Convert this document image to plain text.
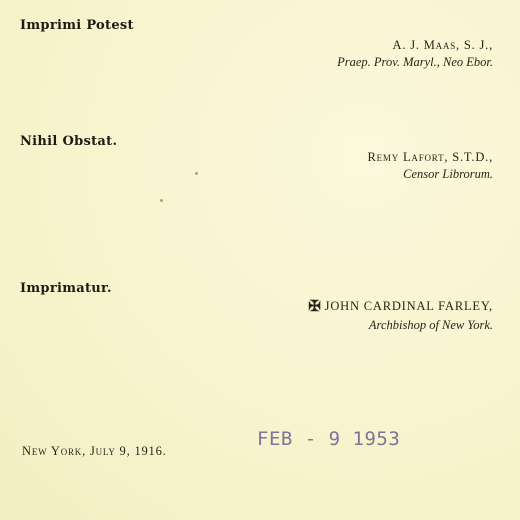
Imprimi Potest
A. J. Maas, S. J.,
Praep. Prov. Maryl., Neo Ebor.
Nihil Obstat.
Remy Lafort, S.T.D.,
Censor Librorum.
Imprimatur.
✠ JOHN CARDINAL FARLEY,
Archbishop of New York.
New York, July 9, 1916.
FEB - 9 1953
